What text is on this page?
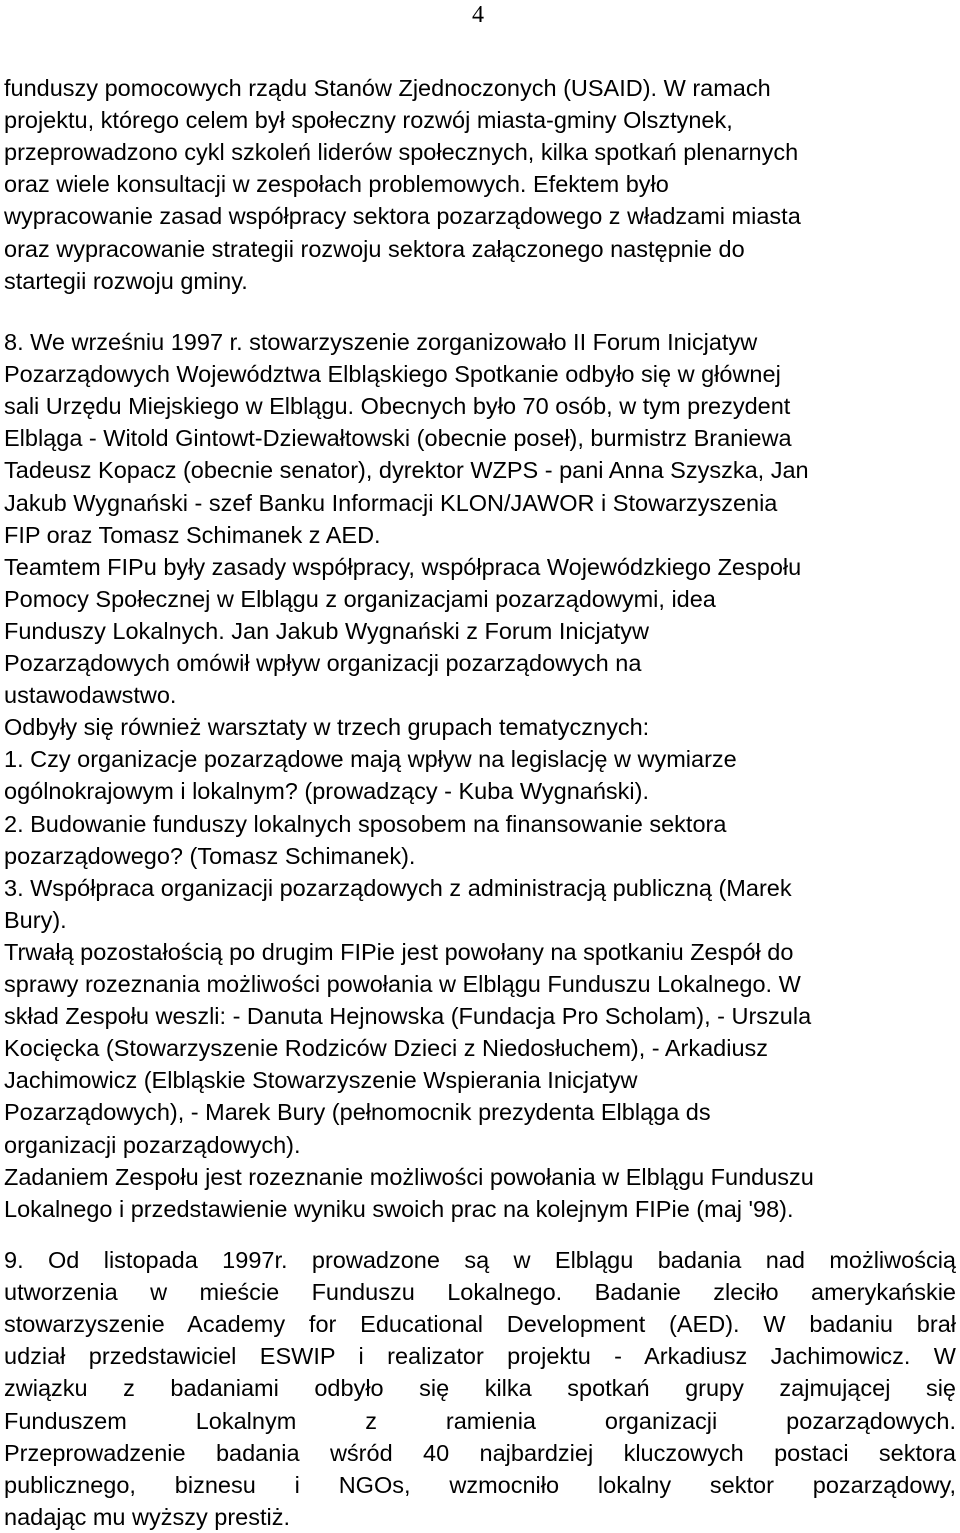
4
funduszy pomocowych rządu Stanów Zjednoczonych (USAID). W ramach
projektu, którego celem był społeczny rozwój miasta-gminy Olsztynek,
przeprowadzono cykl szkoleń liderów społecznych, kilka spotkań plenarnych
oraz wiele konsultacji w zespołach problemowych. Efektem było
wypracowanie zasad współpracy sektora pozarządowego z władzami miasta
oraz wypracowanie strategii rozwoju sektora załączonego następnie do
startegii rozwoju gminy.
8. We wrześniu 1997 r. stowarzyszenie zorganizowało II Forum Inicjatyw
Pozarządowych Województwa Elbląskiego Spotkanie odbyło się w głównej
sali Urzędu Miejskiego w Elblągu. Obecnych było 70 osób, w tym prezydent
Elbląga - Witold Gintowt-Dziewałtowski (obecnie poseł), burmistrz Braniewa
Tadeusz Kopacz (obecnie senator), dyrektor WZPS - pani Anna Szyszka, Jan
Jakub Wygnański - szef Banku Informacji KLON/JAWOR i Stowarzyszenia
FIP oraz Tomasz Schimanek z AED.
Teamtem FIPu były zasady współpracy, współpraca Wojewódzkiego Zespołu
Pomocy Społecznej w Elblągu z organizacjami pozarządowymi, idea
Funduszy Lokalnych. Jan Jakub Wygnański z Forum Inicjatyw
Pozarządowych omówił wpływ organizacji pozarządowych na
ustawodawstwo.
Odbyły się również warsztaty w trzech grupach tematycznych:
1. Czy organizacje pozarządowe mają wpływ na legislację w wymiarze
ogólnokrajowym i lokalnym? (prowadzący - Kuba Wygnański).
2. Budowanie funduszy lokalnych sposobem na finansowanie sektora
pozarządowego? (Tomasz Schimanek).
3. Współpraca organizacji pozarządowych z administracją publiczną (Marek
Bury).
Trwałą pozostałością po drugim FIPie jest powołany na spotkaniu Zespół do
sprawy rozeznania możliwości powołania w Elblągu Funduszu Lokalnego. W
skład Zespołu weszli: - Danuta Hejnowska (Fundacja Pro Scholam), - Urszula
Kocięcka (Stowarzyszenie Rodziców Dzieci z Niedosłuchem), - Arkadiusz
Jachimowicz (Elbląskie Stowarzyszenie Wspierania Inicjatyw
Pozarządowych), - Marek Bury (pełnomocnik prezydenta Elbląga ds
organizacji pozarządowych).
Zadaniem Zespołu jest rozeznanie możliwości powołania w Elblągu Funduszu
Lokalnego i przedstawienie wyniku swoich prac na kolejnym FIPie (maj '98).
9. Od listopada 1997r. prowadzone są w Elblągu badania nad możliwością
utworzenia w mieście Funduszu Lokalnego. Badanie zleciło amerykańskie
stowarzyszenie Academy for Educational Development (AED). W badaniu brał
udział przedstawiciel ESWIP i realizator projektu - Arkadiusz Jachimowicz. W
związku z badaniami odbyło się kilka spotkań grupy zajmującej się
Funduszem Lokalnym z ramienia organizacji pozarządowych.
Przeprowadzenie badania wśród 40 najbardziej kluczowych postaci sektora
publicznego, biznesu i NGOs, wzmocniło lokalny sektor pozarządowy,
nadając mu wyższy prestiż.
